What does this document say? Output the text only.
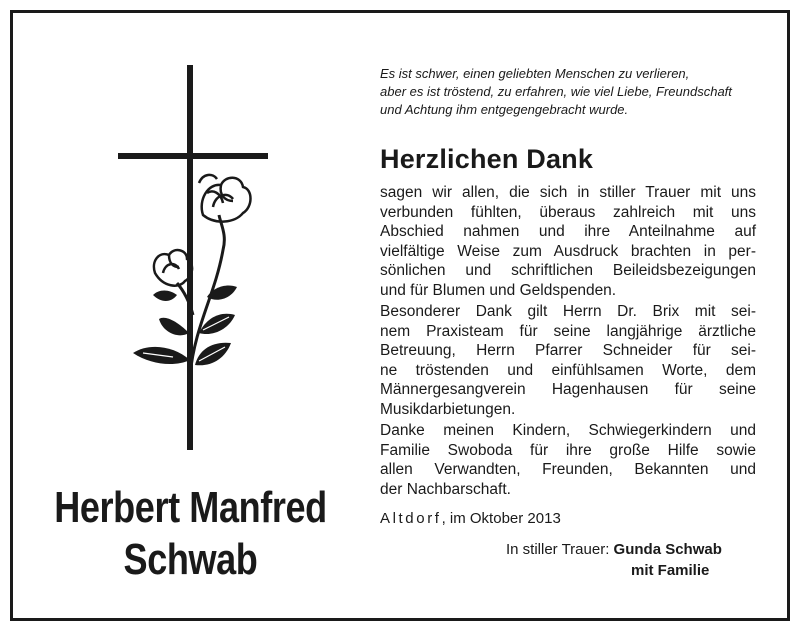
Herbert Manfred
Schwab
Es ist schwer, einen geliebten Menschen zu verlieren,
aber es ist tröstend, zu erfahren, wie viel Liebe, Freundschaft
und Achtung ihm entgegengebracht wurde.
Herzlichen Dank
sagen wir allen, die sich in stiller Trauer mit uns
verbunden fühlten, überaus zahlreich mit uns
Abschied nahmen und ihre Anteilnahme auf
vielfältige Weise zum Ausdruck brachten in per-
sönlichen und schriftlichen Beileidsbezeigungen
und für Blumen und Geldspenden.
Besonderer Dank gilt Herrn Dr. Brix mit sei-
nem Praxisteam für seine langjährige ärztliche
Betreuung, Herrn Pfarrer Schneider für sei-
ne tröstenden und einfühlsamen Worte, dem
Männergesangverein Hagenhausen für seine
Musikdarbietungen.
Danke meinen Kindern, Schwiegerkindern und
Familie Swoboda für ihre große Hilfe sowie
allen Verwandten, Freunden, Bekannten und
der Nachbarschaft.
Altdorf, im Oktober 2013
In stiller Trauer: Gunda Schwab
mit Familie
